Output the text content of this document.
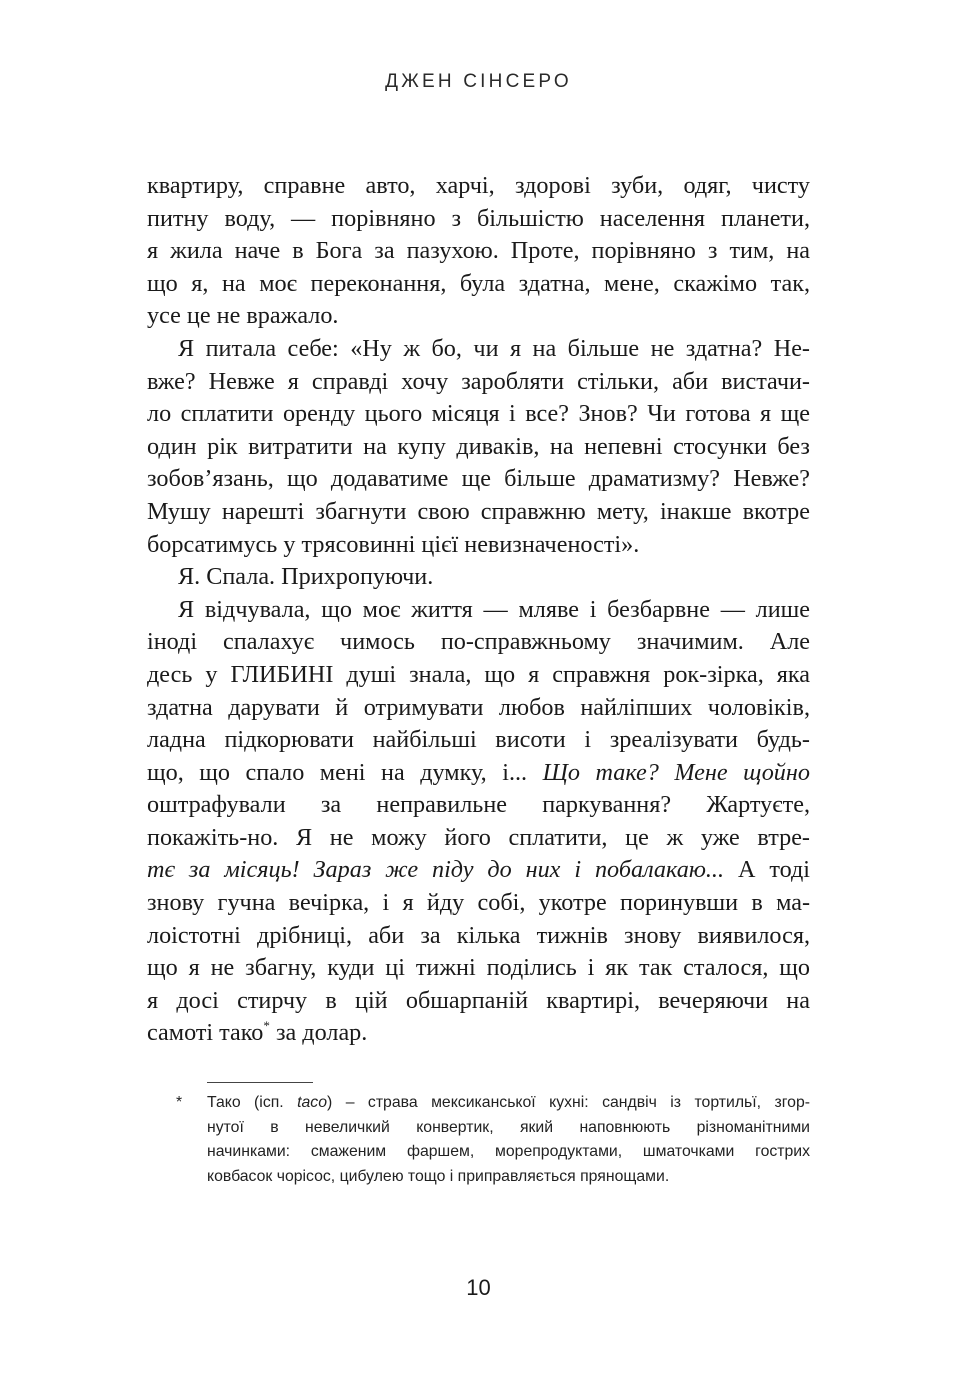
ДЖЕН СІНСЕРО
квартиру, справне авто, харчі, здорові зуби, одяг, чисту
питну воду, — порівняно з більшістю населення планети,
я жила наче в Бога за пазухою. Проте, порівняно з тим, на
що я, на моє переконання, була здатна, мене, скажімо так,
усе це не вражало.
Я питала себе: «Ну ж бо, чи я на більше не здатна? Не-
вже? Невже я справді хочу заробляти стільки, аби вистачи-
ло сплатити оренду цього місяця і все? Знов? Чи готова я ще
один рік витратити на купу диваків, на непевні стосунки без
зобов’язань, що додаватиме ще більше драматизму? Невже?
Мушу нарешті збагнути свою справжню мету, інакше вкотре
борсатимусь у трясовинні цієї невизначеності».
Я. Спала. Прихропуючи.
Я відчувала, що моє життя — мляве і безбарвне — лише
іноді спалахує чимось по-справжньому значимим. Але
десь у ГЛИБИНІ душі знала, що я справжня рок-зірка, яка
здатна дарувати й отримувати любов найліпших чоловіків,
ладна підкорювати найбільші висоти і зреалізувати будь-
що, що спало мені на думку, і... Що таке? Мене щойно
оштрафували за неправильне паркування? Жартуєте,
покажіть-но. Я не можу його сплатити, це ж уже втре-
тє за місяць! Зараз же піду до них і побалакаю... А тоді
знову гучна вечірка, і я йду собі, укотре поринувши в ма-
лоістотні дрібниці, аби за кілька тижнів знову виявилося,
що я не збагну, куди ці тижні поділись і як так сталося, що
я досі стирчу в цій обшарпаній квартирі, вечеряючи на
самоті тако* за долар.
* Тако (ісп. taco) – страва мексиканської кухні: сандвіч із тортильї, згор-
нутої в невеличкий конвертик, який наповнюють різноманітними
начинками: смаженим фаршем, морепродуктами, шматочками гострих
ковбасок чорісос, цибулею тощо і приправляється прянощами.
10
